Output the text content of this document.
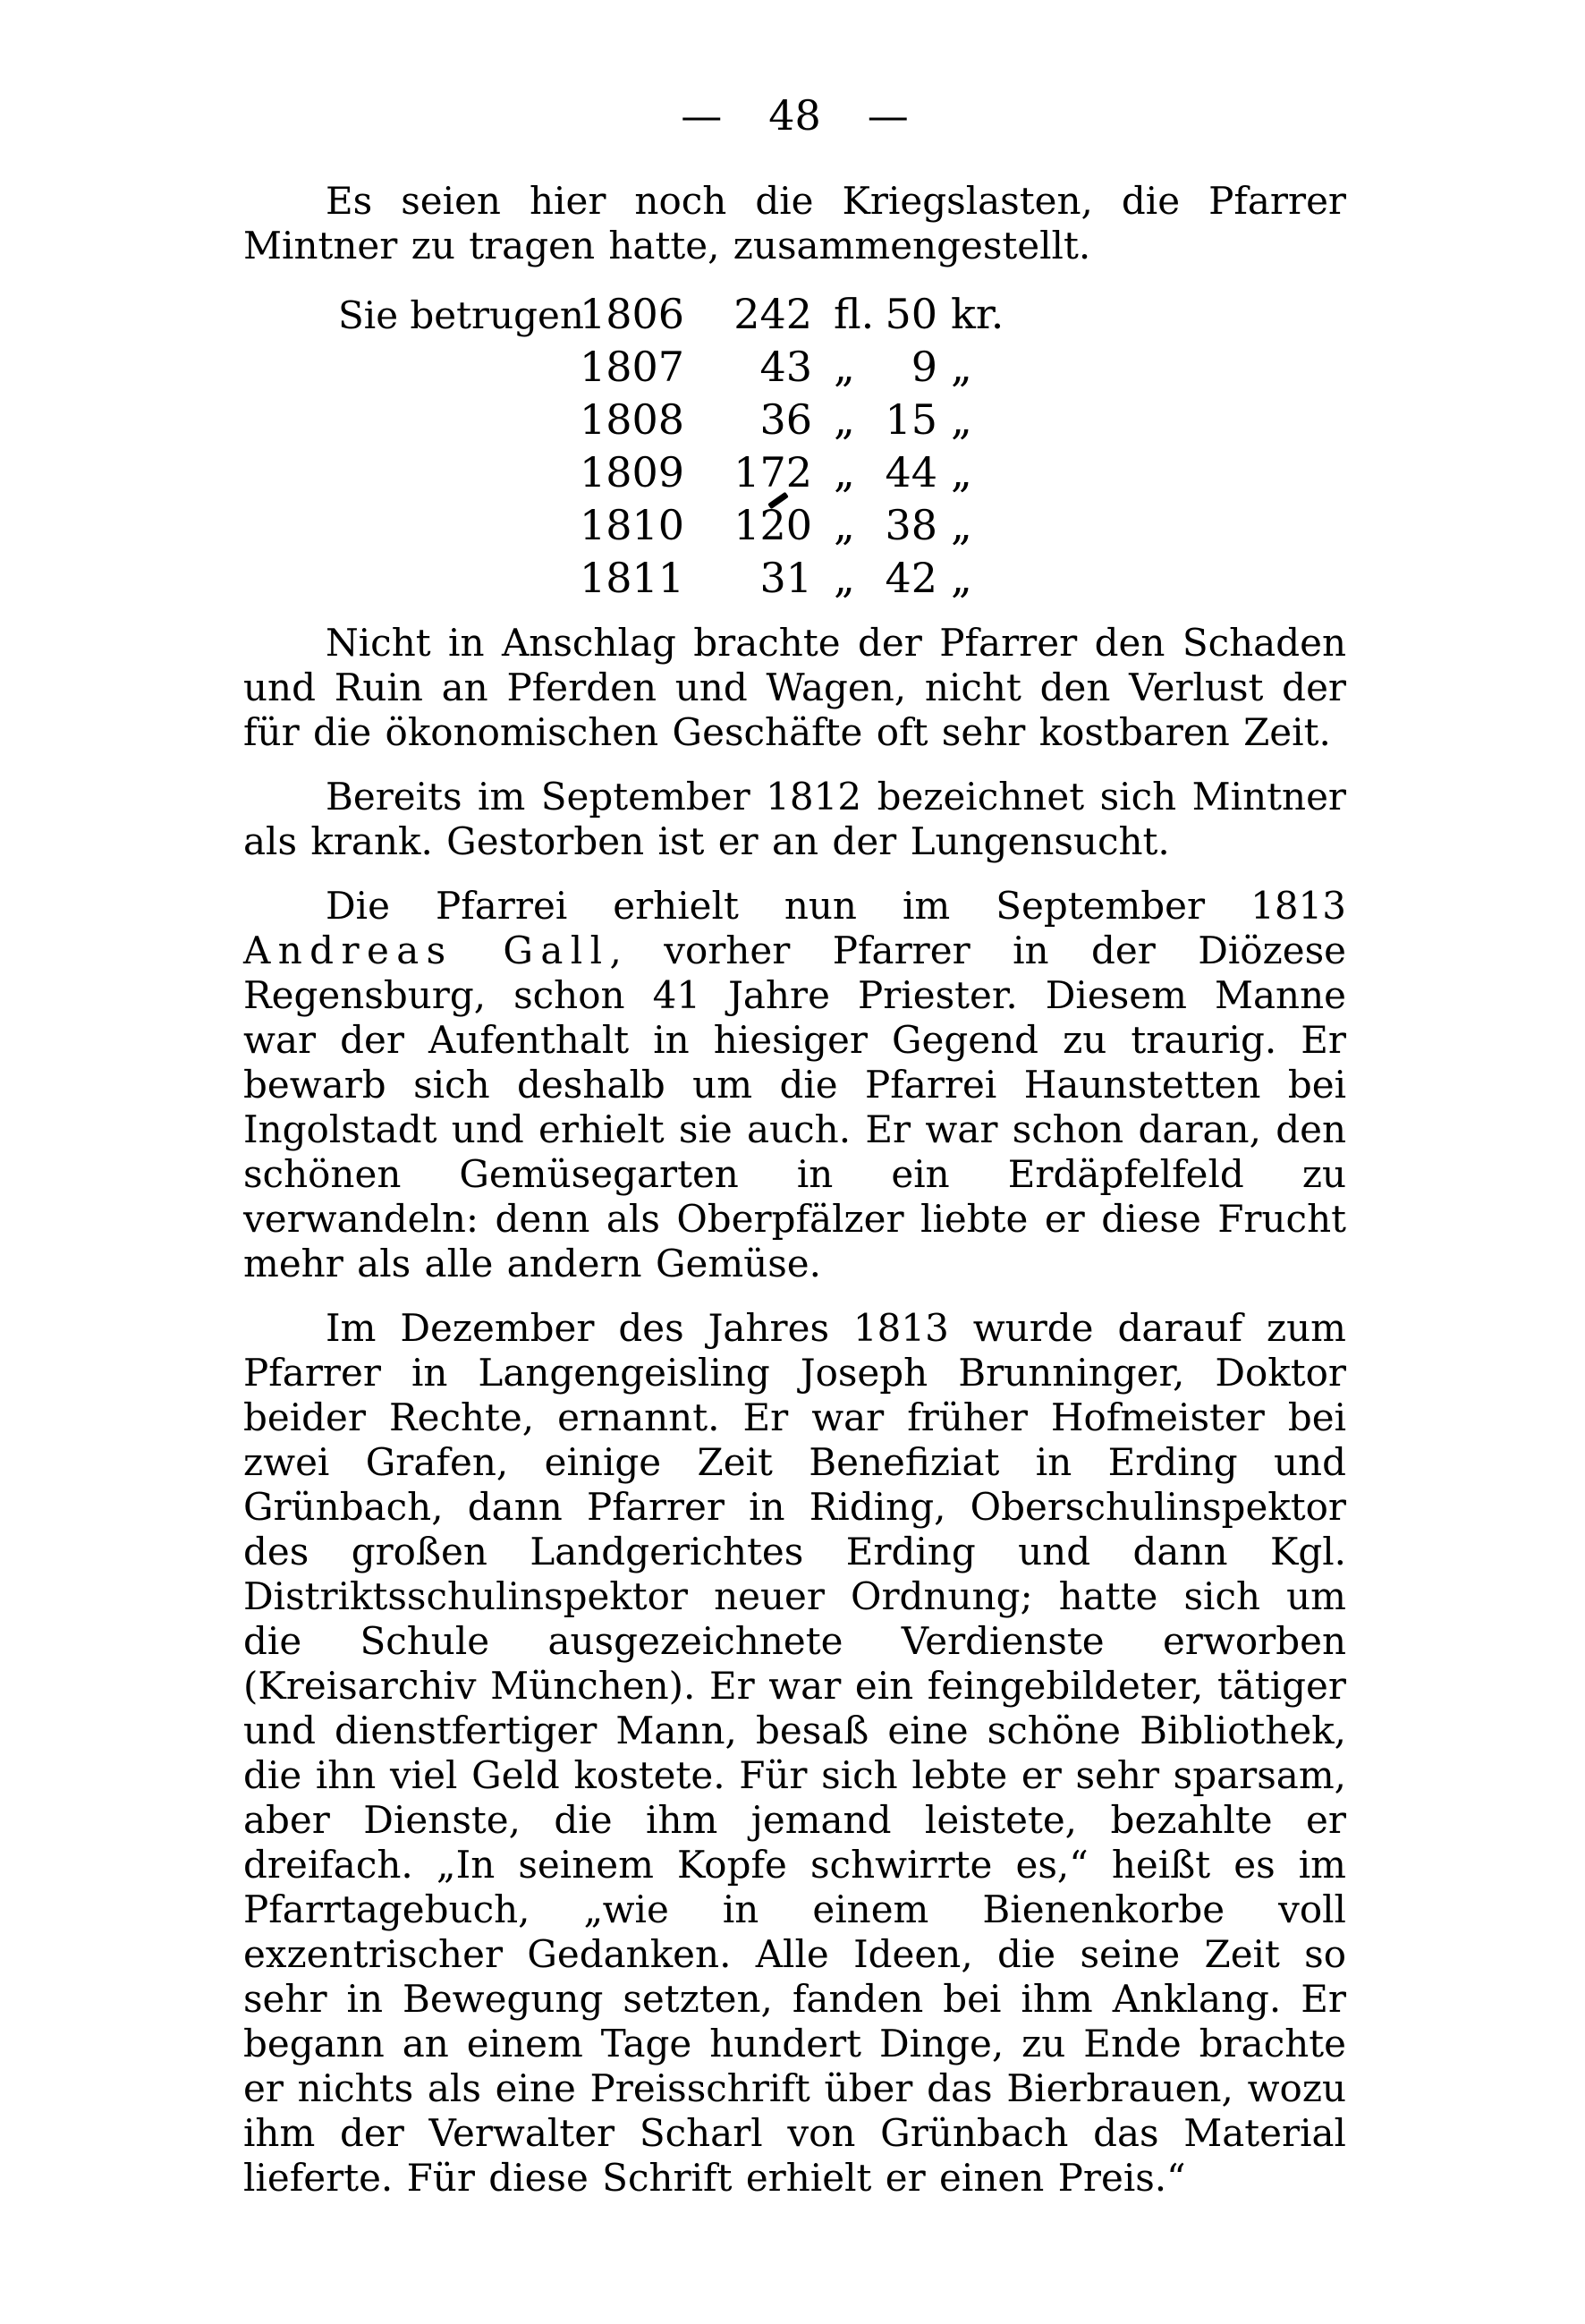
— 48 —

Es seien hier noch die Kriegslasten, die Pfarrer Mintner zu tragen hatte, zusammengestellt.

Sie betrugen
1806	242 fl. 50 kr.
1807	43 „	9 „
1808	36 „ 15 „
1809	172 „ 44 „
1810	120 „ 38 „
1811	31 „ 42 „

Nicht in Anschlag brachte der Pfarrer den Schaden und Ruin an Pferden und Wagen, nicht den Verlust der für die ökonomischen Geschäfte oft sehr kostbaren Zeit.

Bereits im September 1812 bezeichnet sich Mintner als krank. Gestorben ist er an der Lungensucht.

Die Pfarrei erhielt nun im September 1813 Andreas Gall, vorher Pfarrer in der Diözese Regensburg, schon 41 Jahre Priester. Diesem Manne war der Aufenthalt in hiesiger Gegend zu traurig. Er bewarb sich deshalb um die Pfarrei Haunstetten bei Ingolstadt und erhielt sie auch. Er war schon daran, den schönen Gemüsegarten in ein Erdäpfelfeld zu verwandeln: denn als Oberpfälzer liebte er diese Frucht mehr als alle andern Gemüse.

Im Dezember des Jahres 1813 wurde darauf zum Pfarrer in Langengeisling Joseph Brunninger, Doktor beider Rechte, ernannt. Er war früher Hofmeister bei zwei Grafen, einige Zeit Benefiziat in Erding und Grünbach, dann Pfarrer in Riding, Oberschulinspektor des großen Landgerichtes Erding und dann Kgl. Distriktsschulinspektor neuer Ordnung; hatte sich um die Schule ausgezeichnete Verdienste erworben (Kreisarchiv München). Er war ein feingebildeter, tätiger und dienstfertiger Mann, besaß eine schöne Bibliothek, die ihn viel Geld kostete. Für sich lebte er sehr sparsam, aber Dienste, die ihm jemand leistete, bezahlte er dreifach. „In seinem Kopfe schwirrte es,“ heißt es im Pfarrtagebuch, „wie in einem Bienenkorbe voll exzentrischer Gedanken. Alle Ideen, die seine Zeit so sehr in Bewegung setzten, fanden bei ihm Anklang. Er begann an einem Tage hundert Dinge, zu Ende brachte er nichts als eine Preisschrift über das Bierbrauen, wozu ihm der Verwalter Scharl von Grünbach das Material lieferte. Für diese Schrift erhielt er einen Preis.“
